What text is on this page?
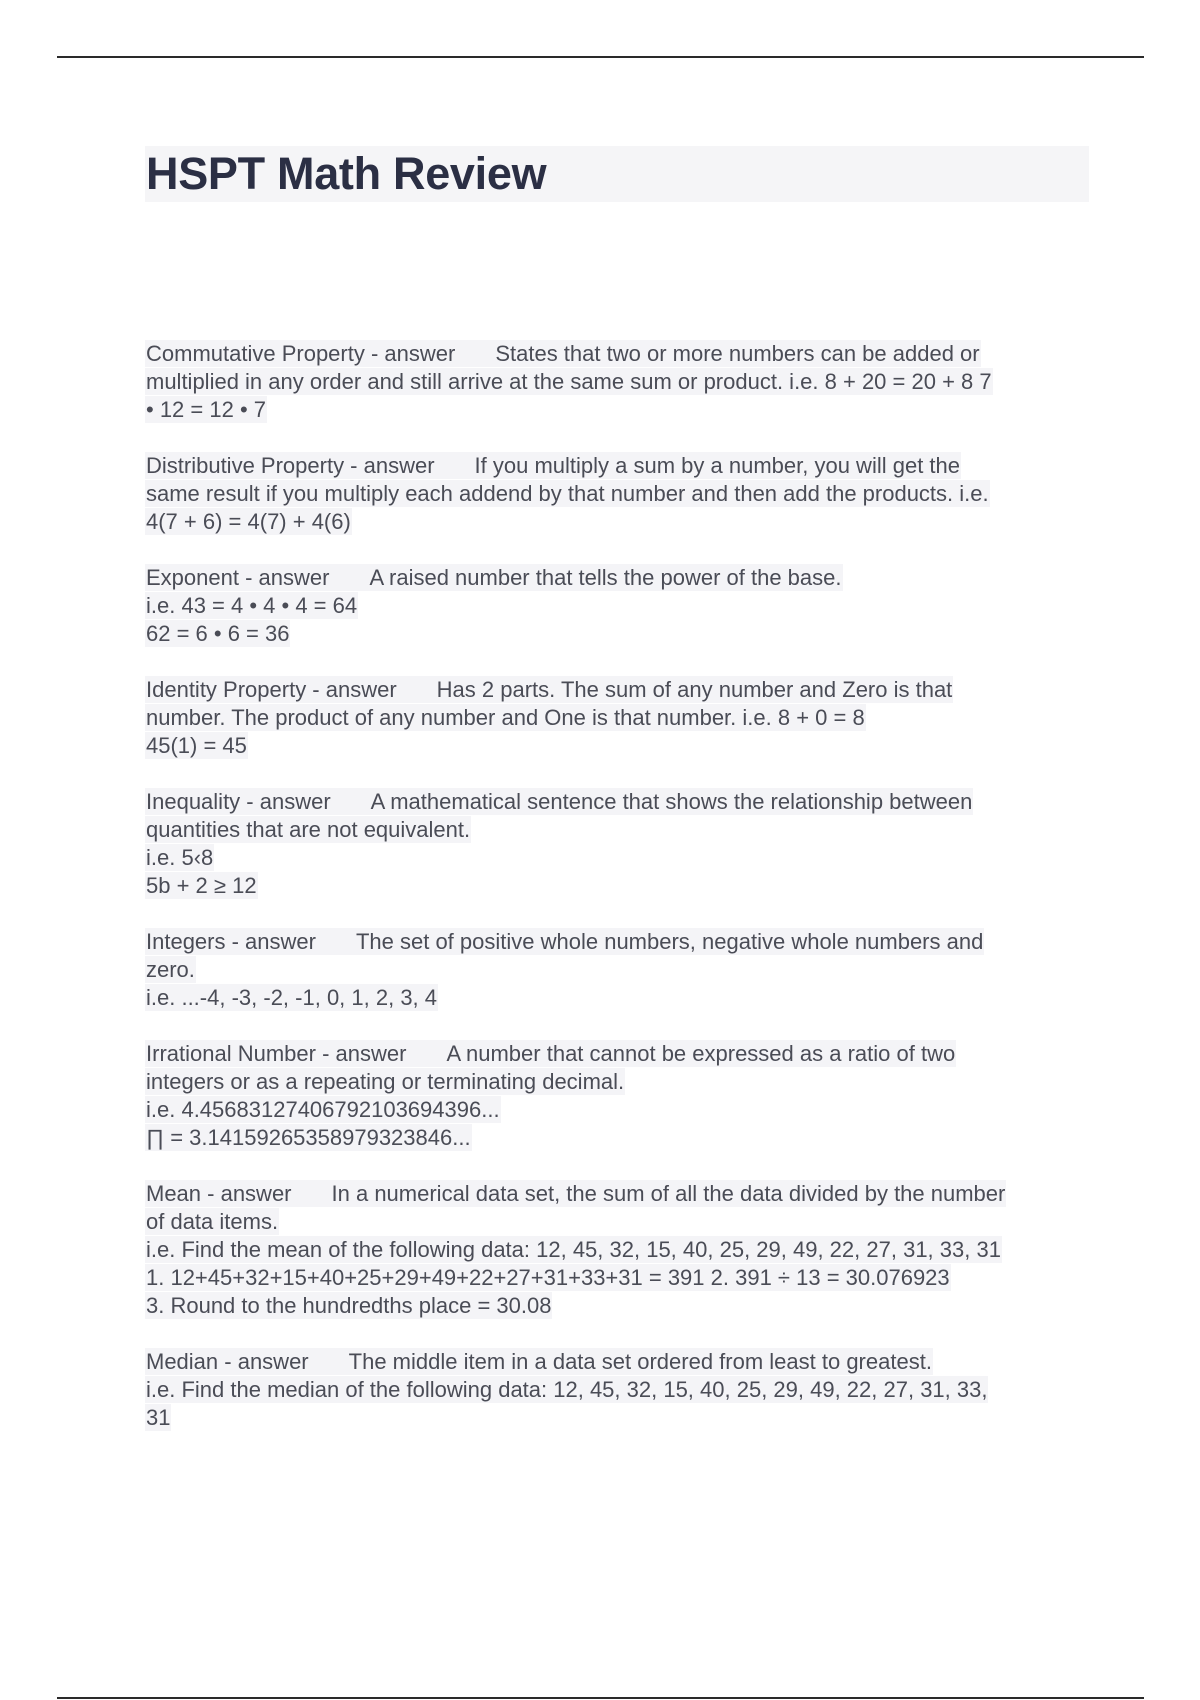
HSPT Math Review
Commutative Property - answer States that two or more numbers can be added or
multiplied in any order and still arrive at the same sum or product. i.e. 8 + 20 = 20 + 8 7
• 12 = 12 • 7
Distributive Property - answer If you multiply a sum by a number, you will get the
same result if you multiply each addend by that number and then add the products. i.e.
4(7 + 6) = 4(7) + 4(6)
Exponent - answer A raised number that tells the power of the base.
i.e. 43 = 4 • 4 • 4 = 64
62 = 6 • 6 = 36
Identity Property - answer Has 2 parts. The sum of any number and Zero is that
number. The product of any number and One is that number. i.e. 8 + 0 = 8
45(1) = 45
Inequality - answer A mathematical sentence that shows the relationship between
quantities that are not equivalent.
i.e. 5‹8
5b + 2 ≥ 12
Integers - answer The set of positive whole numbers, negative whole numbers and
zero.
i.e. ...-4, -3, -2, -1, 0, 1, 2, 3, 4
Irrational Number - answer A number that cannot be expressed as a ratio of two
integers or as a repeating or terminating decimal.
i.e. 4.45683127406792103694396...
∏ = 3.14159265358979323846...
Mean - answer In a numerical data set, the sum of all the data divided by the number
of data items.
i.e. Find the mean of the following data: 12, 45, 32, 15, 40, 25, 29, 49, 22, 27, 31, 33, 31
1. 12+45+32+15+40+25+29+49+22+27+31+33+31 = 391 2. 391 ÷ 13 = 30.076923
3. Round to the hundredths place = 30.08
Median - answer The middle item in a data set ordered from least to greatest.
i.e. Find the median of the following data: 12, 45, 32, 15, 40, 25, 29, 49, 22, 27, 31, 33,
31
